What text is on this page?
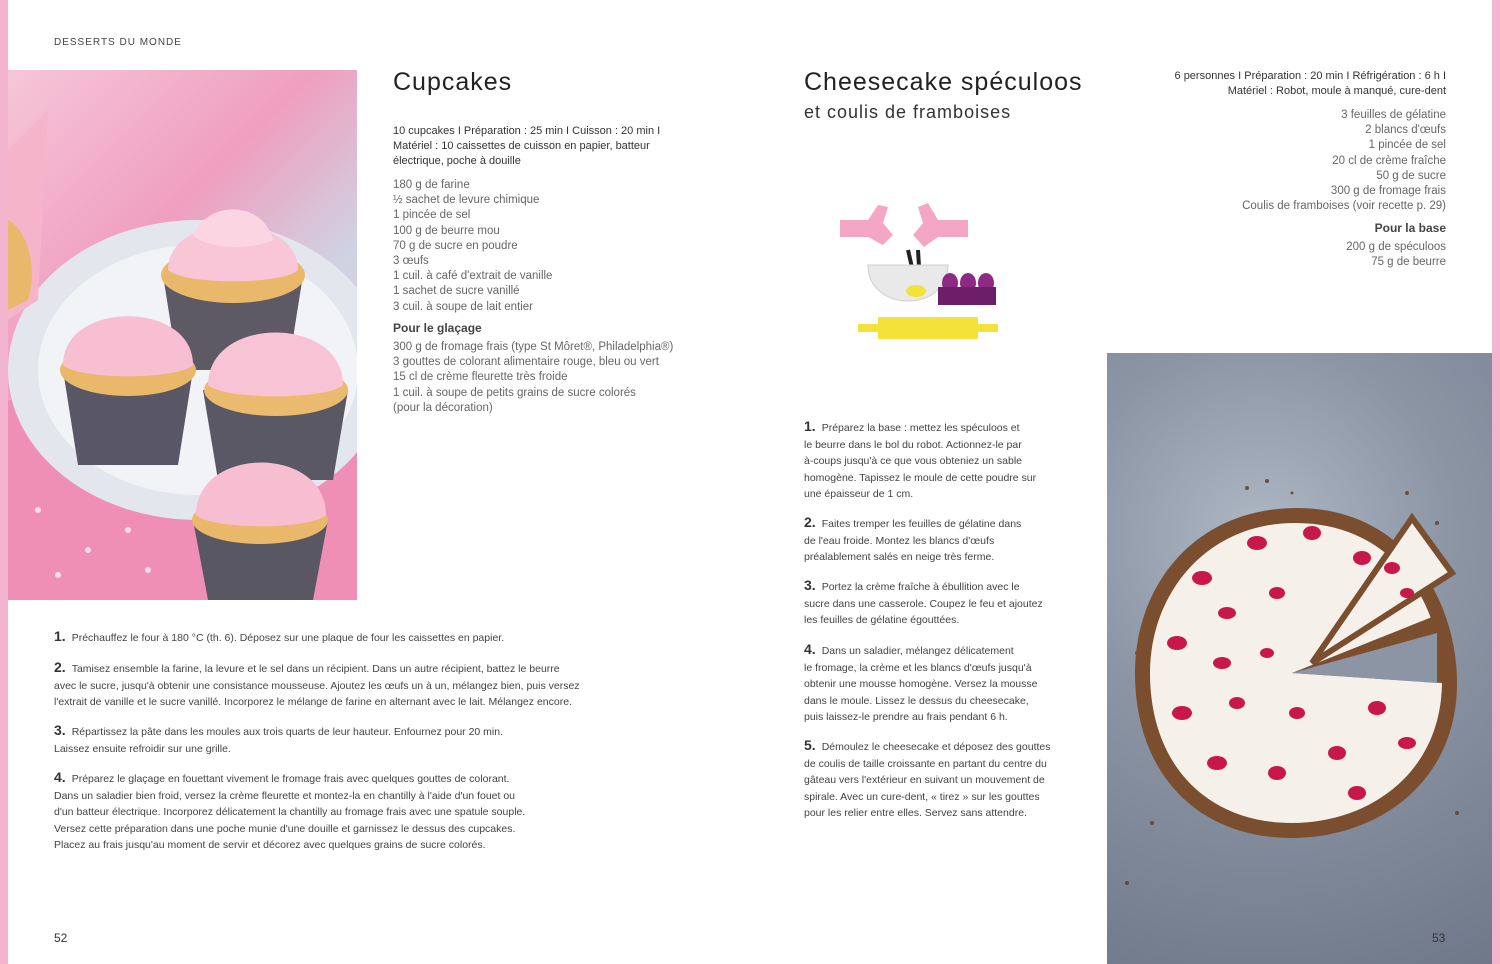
DESSERTS DU MONDE
Cupcakes
10 cupcakes I Préparation : 25 min I Cuisson : 20 min I
Matériel : 10 caissettes de cuisson en papier, batteur
électrique, poche à douille
180 g de farine
½ sachet de levure chimique
1 pincée de sel
100 g de beurre mou
70 g de sucre en poudre
3 œufs
1 cuil. à café d'extrait de vanille
1 sachet de sucre vanillé
3 cuil. à soupe de lait entier
Pour le glaçage
300 g de fromage frais (type St Môret®, Philadelphia®)
3 gouttes de colorant alimentaire rouge, bleu ou vert
15 cl de crème fleurette très froide
1 cuil. à soupe de petits grains de sucre colorés
(pour la décoration)
1. Préchauffez le four à 180 °C (th. 6). Déposez sur une plaque de four les caissettes en papier.
2. Tamisez ensemble la farine, la levure et le sel dans un récipient. Dans un autre récipient, battez le beurre
avec le sucre, jusqu'à obtenir une consistance mousseuse. Ajoutez les œufs un à un, mélangez bien, puis versez
l'extrait de vanille et le sucre vanillé. Incorporez le mélange de farine en alternant avec le lait. Mélangez encore.
3. Répartissez la pâte dans les moules aux trois quarts de leur hauteur. Enfournez pour 20 min.
Laissez ensuite refroidir sur une grille.
4. Préparez le glaçage en fouettant vivement le fromage frais avec quelques gouttes de colorant.
Dans un saladier bien froid, versez la crème fleurette et montez-la en chantilly à l'aide d'un fouet ou
d'un batteur électrique. Incorporez délicatement la chantilly au fromage frais avec une spatule souple.
Versez cette préparation dans une poche munie d'une douille et garnissez le dessus des cupcakes.
Placez au frais jusqu'au moment de servir et décorez avec quelques grains de sucre colorés.
52
Cheesecake spéculoos
et coulis de framboises
6 personnes I Préparation : 20 min I Réfrigération : 6 h I
Matériel : Robot, moule à manqué, cure-dent
3 feuilles de gélatine
2 blancs d'œufs
1 pincée de sel
20 cl de crème fraîche
50 g de sucre
300 g de fromage frais
Coulis de framboises (voir recette p. 29)
Pour la base
200 g de spéculoos
75 g de beurre
1. Préparez la base : mettez les spéculoos et
le beurre dans le bol du robot. Actionnez-le par
à-coups jusqu'à ce que vous obteniez un sable
homogène. Tapissez le moule de cette poudre sur
une épaisseur de 1 cm.
2. Faites tremper les feuilles de gélatine dans
de l'eau froide. Montez les blancs d'œufs
préalablement salés en neige très ferme.
3. Portez la crème fraîche à ébullition avec le
sucre dans une casserole. Coupez le feu et ajoutez
les feuilles de gélatine égouttées.
4. Dans un saladier, mélangez délicatement
le fromage, la crème et les blancs d'œufs jusqu'à
obtenir une mousse homogène. Versez la mousse
dans le moule. Lissez le dessus du cheesecake,
puis laissez-le prendre au frais pendant 6 h.
5. Démoulez le cheesecake et déposez des gouttes
de coulis de taille croissante en partant du centre du
gâteau vers l'extérieur en suivant un mouvement de
spirale. Avec un cure-dent, « tirez » sur les gouttes
pour les relier entre elles. Servez sans attendre.
53
